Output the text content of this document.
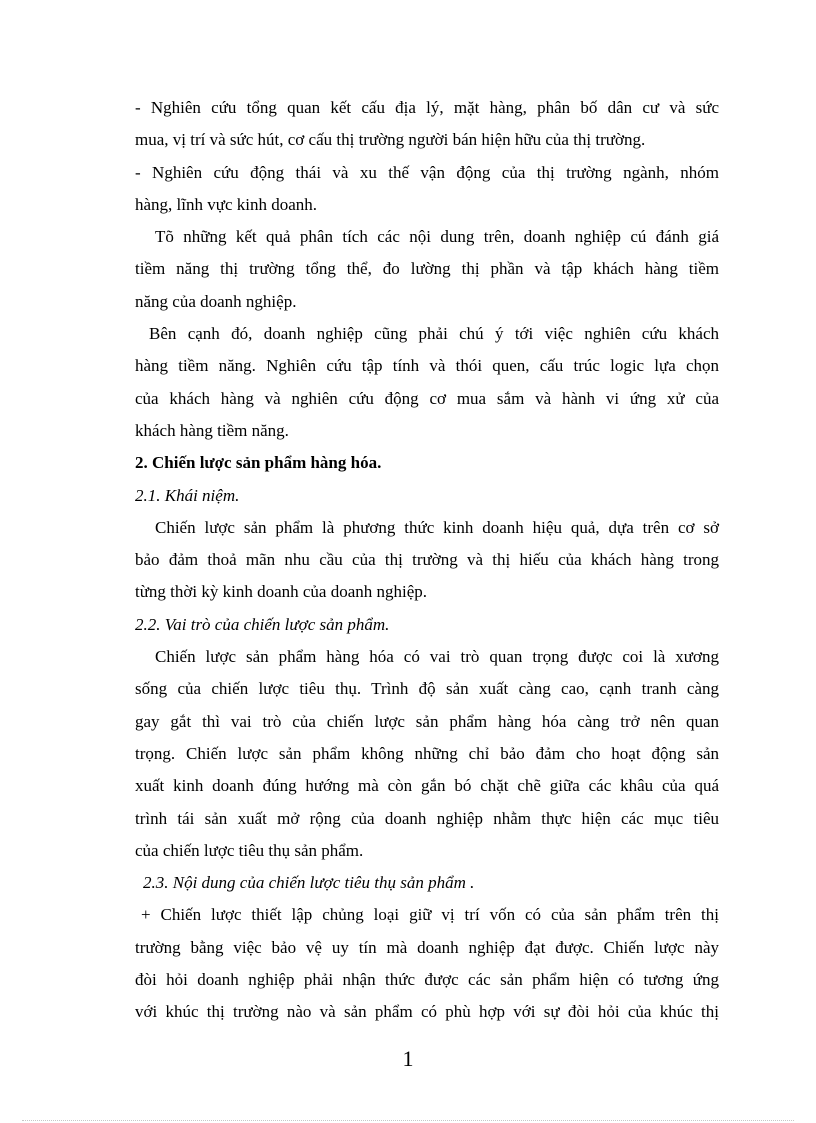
- Nghiên cứu tổng quan kết cấu địa lý, mặt hàng, phân bố dân cư và sức
mua, vị trí và sức hút, cơ cấu thị trường người bán hiện hữu của thị trường.
- Nghiên cứu động thái và xu thế vận động của thị trường ngành, nhóm
hàng, lĩnh vực kinh doanh.
Tõ những kết quả phân tích các nội dung trên, doanh nghiệp cú đánh giá
tiềm năng thị trường tổng thể, đo lường thị phần và tập khách hàng tiềm
năng của doanh nghiệp.
Bên cạnh đó, doanh nghiệp cũng phải chú ý tới việc nghiên cứu khách
hàng tiềm năng. Nghiên cứu tập tính và thói quen, cấu trúc logic lựa chọn
của khách hàng và nghiên cứu động cơ mua sắm và hành vi ứng xử của
khách hàng tiềm năng.
2. Chiến lược sản phẩm hàng hóa.
2.1. Khái niệm.
Chiến lược sản phẩm là phương thức kinh doanh hiệu quả, dựa trên cơ sở
bảo đảm thoả mãn nhu cầu của thị trường và thị hiếu của khách hàng trong
từng thời kỳ kinh doanh của doanh nghiệp.
2.2. Vai trò của chiến lược sản phẩm.
Chiến lược sản phẩm hàng hóa có vai trò quan trọng được coi là xương
sống của chiến lược tiêu thụ. Trình độ sản xuất càng cao, cạnh tranh càng
gay gắt thì vai trò của chiến lược sản phẩm hàng hóa càng trở nên quan
trọng. Chiến lược sản phẩm không những chỉ bảo đảm cho hoạt động sản
xuất kinh doanh đúng hướng mà còn gắn bó chặt chẽ giữa các khâu của quá
trình tái sản xuất mở rộng của doanh nghiệp nhằm thực hiện các mục tiêu
của chiến lược tiêu thụ sản phẩm.
2.3. Nội dung của chiến lược tiêu thụ sản phẩm .
+ Chiến lược thiết lập chủng loại giữ vị trí vốn có của sản phẩm trên thị
trường bằng việc bảo vệ uy tín mà doanh nghiệp đạt được. Chiến lược này
đòi hỏi doanh nghiệp phải nhận thức được các sản phẩm hiện có tương ứng
với khúc thị trường nào và sản phẩm có phù hợp với sự đòi hỏi của khúc thị
1
